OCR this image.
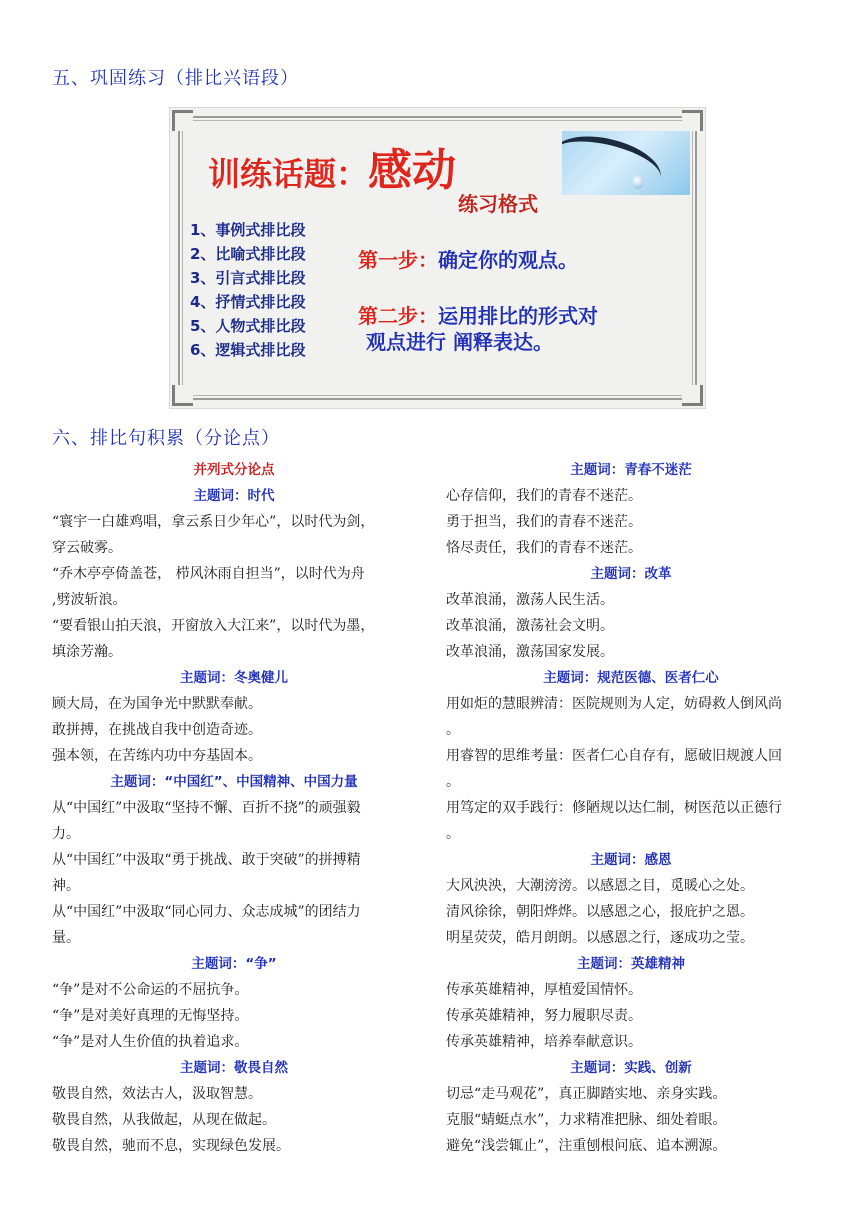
五、巩固练习（排比兴语段）
训练话题：感动
练习格式
1、事例式排比段
2、比喻式排比段
3、引言式排比段
4、抒情式排比段
5、人物式排比段
6、逻辑式排比段
第一步：确定你的观点。
第二步：运用排比的形式对
观点进行 阐释表达。
六、排比句积累（分论点）
并列式分论点
主题词：时代
“寰宇一白雄鸡唱，拿云系日少年心”，以时代为剑，
穿云破雾。
“乔木亭亭倚盖苍， 栉风沐雨自担当”，以时代为舟
,劈波斩浪。
“要看银山拍天浪，开窗放入大江来”，以时代为墨，
填涂芳瀚。
主题词：冬奥健儿
顾大局，在为国争光中默默奉献。
敢拼搏，在挑战自我中创造奇迹。
强本领，在苦练内功中夯基固本。
主题词：“中国红”、中国精神、中国力量
从“中国红”中汲取“坚持不懈、百折不挠”的顽强毅
力。
从“中国红”中汲取“勇于挑战、敢于突破”的拼搏精
神。
从“中国红”中汲取“同心同力、众志成城”的团结力
量。
主题词：“争”
“争”是对不公命运的不屈抗争。
“争”是对美好真理的无悔坚持。
“争”是对人生价值的执着追求。
主题词：敬畏自然
敬畏自然，效法古人，汲取智慧。
敬畏自然，从我做起，从现在做起。
敬畏自然，驰而不息，实现绿色发展。
主题词：青春不迷茫
心存信仰，我们的青春不迷茫。
勇于担当，我们的青春不迷茫。
恪尽责任，我们的青春不迷茫。
主题词：改革
改革浪涌，激荡人民生活。
改革浪涌，激荡社会文明。
改革浪涌，激荡国家发展。
主题词：规范医德、医者仁心
用如炬的慧眼辨清：医院规则为人定，妨碍救人倒风尚
。
用睿智的思维考量：医者仁心自存有，愿破旧规渡人回
。
用笃定的双手践行：修陋规以达仁制，树医范以正德行
。
主题词：感恩
大风泱泱，大潮滂滂。以感恩之目，觅暖心之处。
清风徐徐，朝阳烨烨。以感恩之心，报庇护之恩。
明星荧荧，皓月朗朗。以感恩之行，逐成功之莹。
主题词：英雄精神
传承英雄精神，厚植爱国情怀。
传承英雄精神，努力履职尽责。
传承英雄精神，培养奉献意识。
主题词：实践、创新
切忌“走马观花”，真正脚踏实地、亲身实践。
克服“蜻蜓点水”，力求精准把脉、细处着眼。
避免“浅尝辄止”，注重刨根问底、追本溯源。
